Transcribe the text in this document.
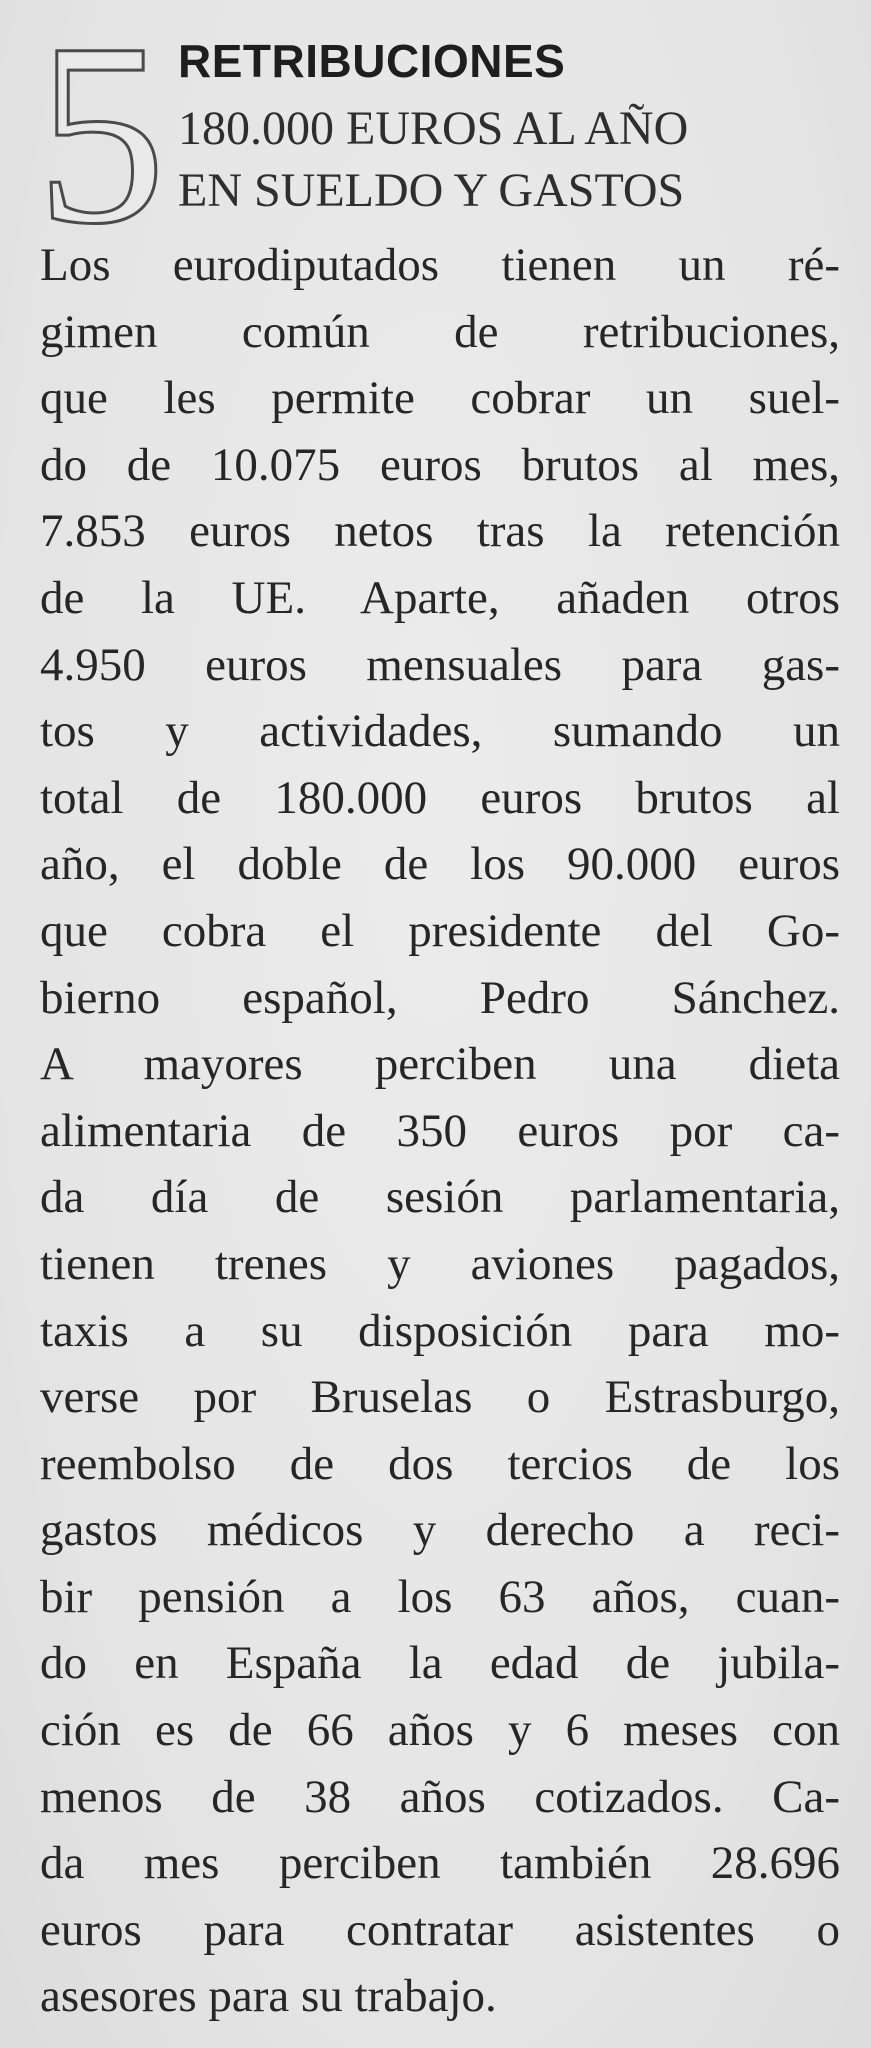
5 RETRIBUCIONES
180.000 EUROS AL AÑO
EN SUELDO Y GASTOS
Los eurodiputados tienen un ré-
gimen común de retribuciones,
que les permite cobrar un suel-
do de 10.075 euros brutos al mes,
7.853 euros netos tras la retención
de la UE. Aparte, añaden otros
4.950 euros mensuales para gas-
tos y actividades, sumando un
total de 180.000 euros brutos al
año, el doble de los 90.000 euros
que cobra el presidente del Go-
bierno español, Pedro Sánchez.
A mayores perciben una dieta
alimentaria de 350 euros por ca-
da día de sesión parlamentaria,
tienen trenes y aviones pagados,
taxis a su disposición para mo-
verse por Bruselas o Estrasburgo,
reembolso de dos tercios de los
gastos médicos y derecho a reci-
bir pensión a los 63 años, cuan-
do en España la edad de jubila-
ción es de 66 años y 6 meses con
menos de 38 años cotizados. Ca-
da mes perciben también 28.696
euros para contratar asistentes o
asesores para su trabajo.
